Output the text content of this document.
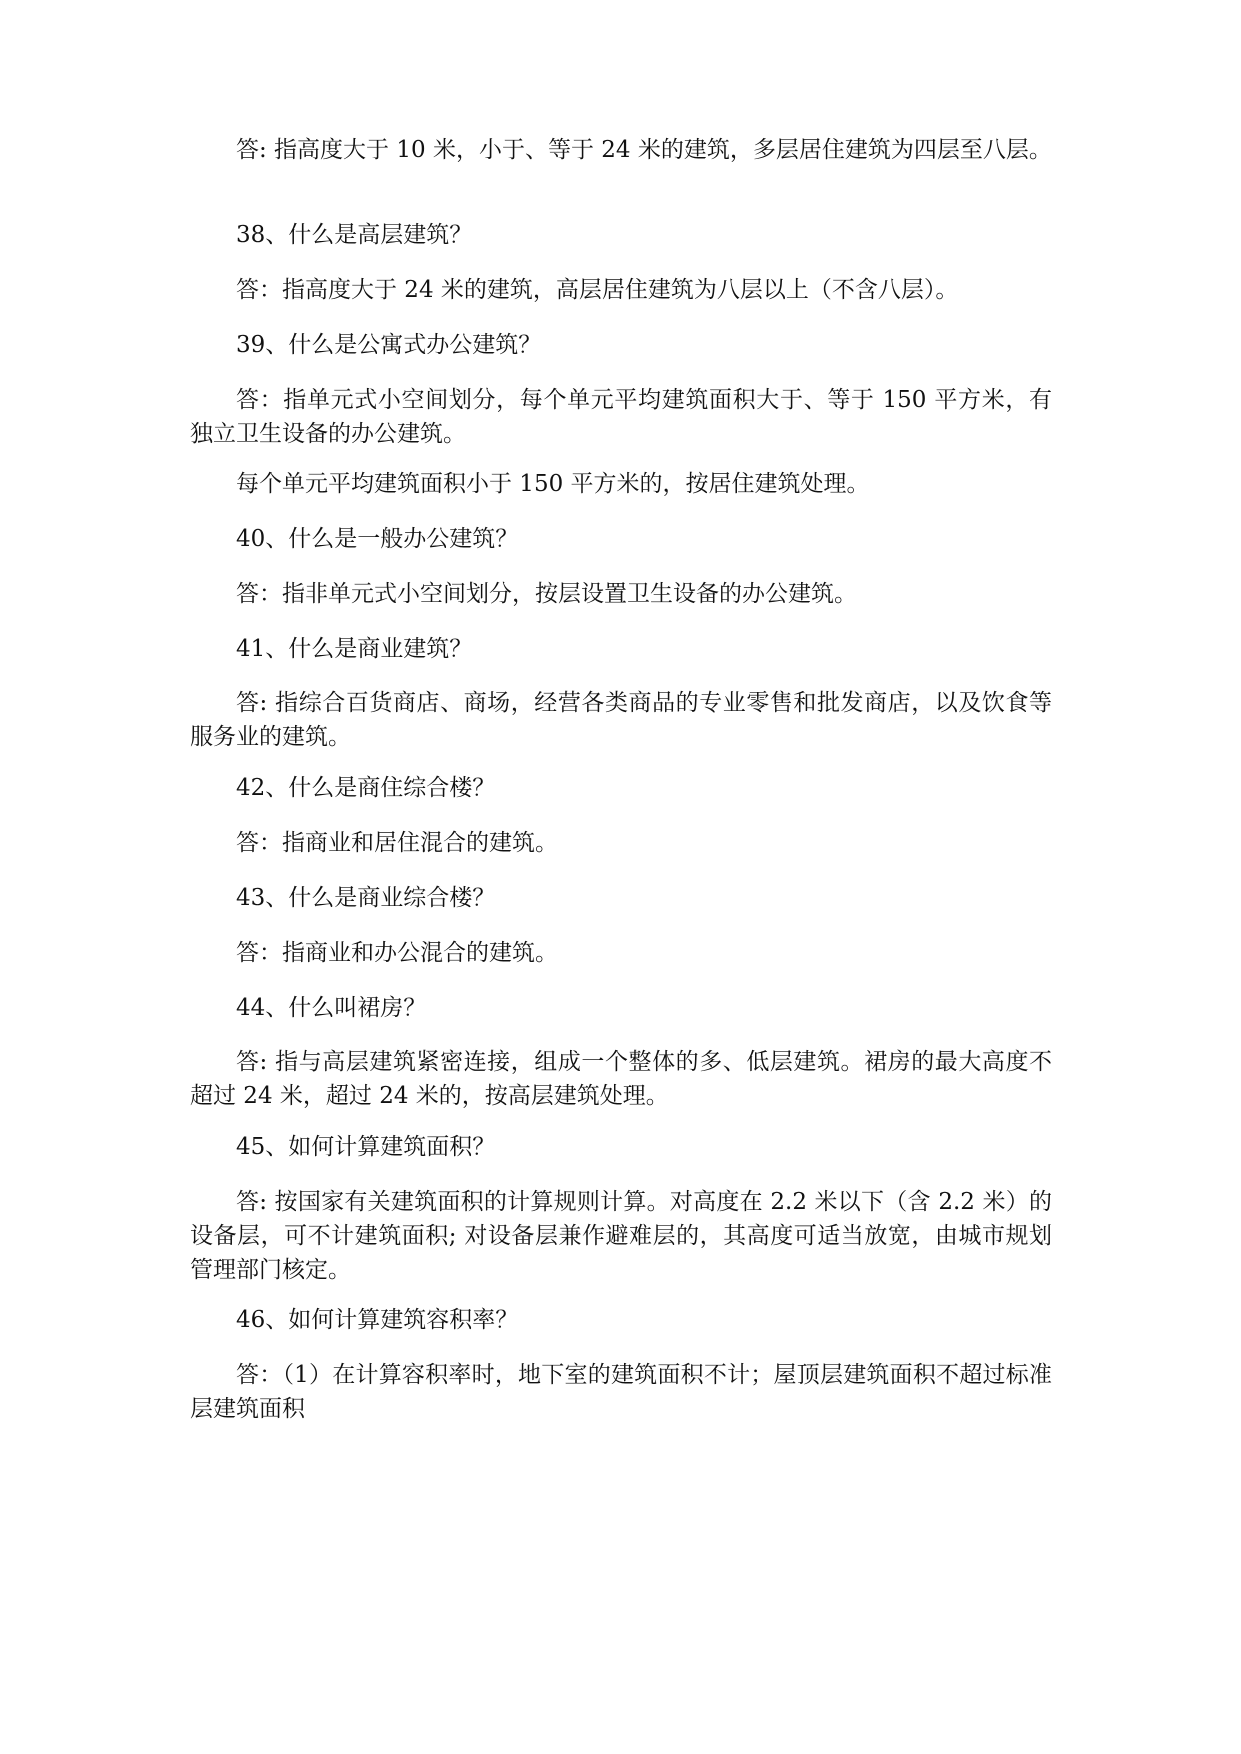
答: 指高度大于 10 米，小于、等于 24 米的建筑，多层居住建筑为四层至八层。

38、什么是高层建筑？

答：指高度大于 24 米的建筑，高层居住建筑为八层以上（不含八层）。

39、什么是公寓式办公建筑？

答：指单元式小空间划分，每个单元平均建筑面积大于、等于 150 平方米，有独立卫生设备的办公建筑。

每个单元平均建筑面积小于 150 平方米的，按居住建筑处理。

40、什么是一般办公建筑？

答：指非单元式小空间划分，按层设置卫生设备的办公建筑。

41、什么是商业建筑？

答: 指综合百货商店、商场，经营各类商品的专业零售和批发商店，以及饮食等服务业的建筑。

42、什么是商住综合楼？

答：指商业和居住混合的建筑。

43、什么是商业综合楼？

答：指商业和办公混合的建筑。

44、什么叫裙房？

答: 指与高层建筑紧密连接，组成一个整体的多、低层建筑。裙房的最大高度不超过 24 米，超过 24 米的，按高层建筑处理。

45、如何计算建筑面积？

答: 按国家有关建筑面积的计算规则计算。对高度在 2.2 米以下（含 2.2 米）的设备层，可不计建筑面积; 对设备层兼作避难层的，其高度可适当放宽，由城市规划管理部门核定。

46、如何计算建筑容积率？

答：（1）在计算容积率时，地下室的建筑面积不计；屋顶层建筑面积不超过标准层建筑面积
